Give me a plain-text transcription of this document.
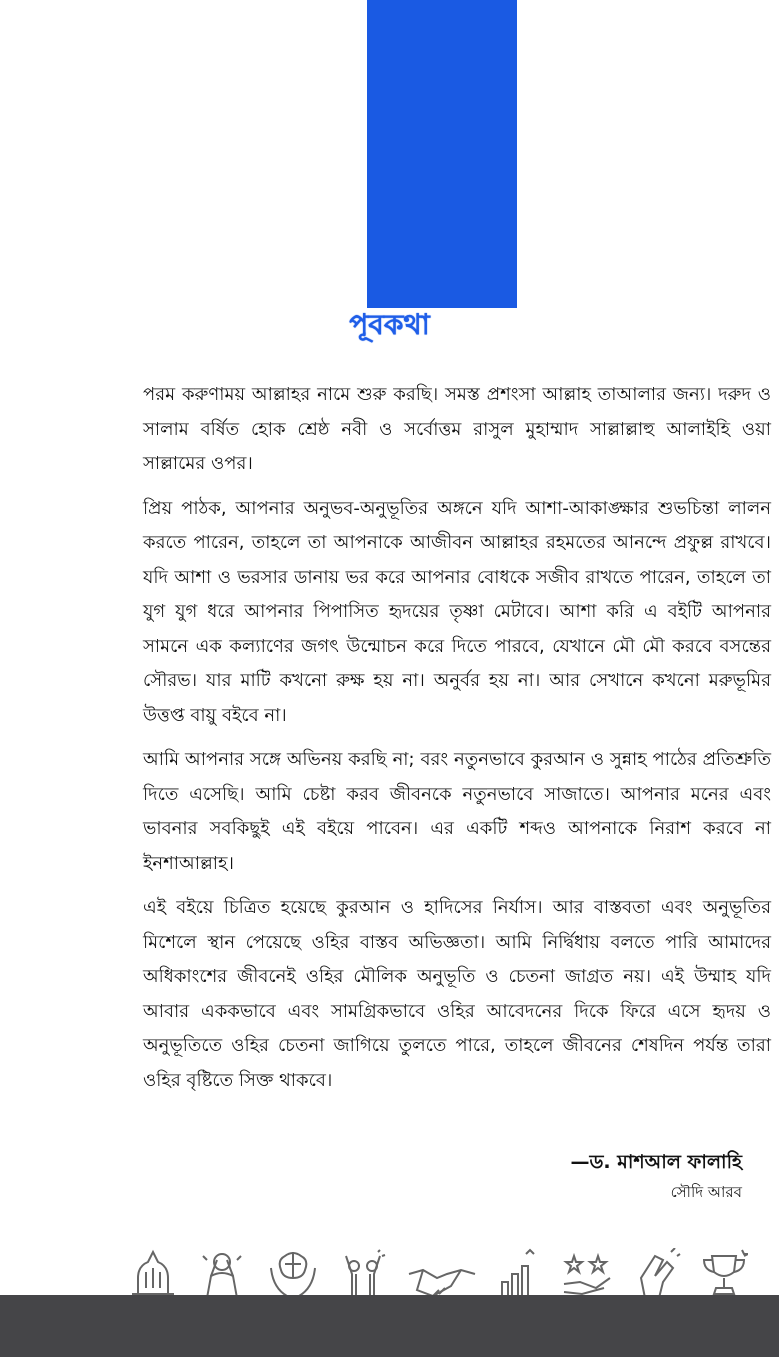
পূবকথা

পরম করুণাময় আল্লাহর নামে শুরু করছি। সমস্ত প্রশংসা আল্লাহ তাআলার জন্য। দরুদ ও সালাম বর্ষিত হোক শ্রেষ্ঠ নবী ও সর্বোত্তম রাসুল মুহাম্মাদ সাল্লাল্লাহু আলাইহি ওয়া সাল্লামের ওপর।

প্রিয় পাঠক, আপনার অনুভব-অনুভূতির অঙ্গনে যদি আশা-আকাঙ্ক্ষার শুভচিন্তা লালন করতে পারেন, তাহলে তা আপনাকে আজীবন আল্লাহর রহমতের আনন্দে প্রফুল্ল রাখবে। যদি আশা ও ভরসার ডানায় ভর করে আপনার বোধকে সজীব রাখতে পারেন, তাহলে তা যুগ যুগ ধরে আপনার পিপাসিত হৃদয়ের তৃষ্ণা মেটাবে। আশা করি এ বইটি আপনার সামনে এক কল্যাণের জগৎ উন্মোচন করে দিতে পারবে, যেখানে মৌ মৌ করবে বসন্তের সৌরভ। যার মাটি কখনো রুক্ষ হয় না। অনুর্বর হয় না। আর সেখানে কখনো মরুভূমির উত্তপ্ত বায়ু বইবে না।

আমি আপনার সঙ্গে অভিনয় করছি না; বরং নতুনভাবে কুরআন ও সুন্নাহ পাঠের প্রতিশ্রুতি দিতে এসেছি। আমি চেষ্টা করব জীবনকে নতুনভাবে সাজাতে। আপনার মনের এবং ভাবনার সবকিছুই এই বইয়ে পাবেন। এর একটি শব্দও আপনাকে নিরাশ করবে না ইনশাআল্লাহ।

এই বইয়ে চিত্রিত হয়েছে কুরআন ও হাদিসের নির্যাস। আর বাস্তবতা এবং অনুভূতির মিশেলে স্থান পেয়েছে ওহির বাস্তব অভিজ্ঞতা। আমি নির্দ্বিধায় বলতে পারি আমাদের অধিকাংশের জীবনেই ওহির মৌলিক অনুভূতি ও চেতনা জাগ্রত নয়। এই উম্মাহ যদি আবার এককভাবে এবং সামগ্রিকভাবে ওহির আবেদনের দিকে ফিরে এসে হৃদয় ও অনুভূতিতে ওহির চেতনা জাগিয়ে তুলতে পারে, তাহলে জীবনের শেষদিন পর্যন্ত তারা ওহির বৃষ্টিতে সিক্ত থাকবে।

—ড. মাশআল ফালাহি
সৌদি আরব
